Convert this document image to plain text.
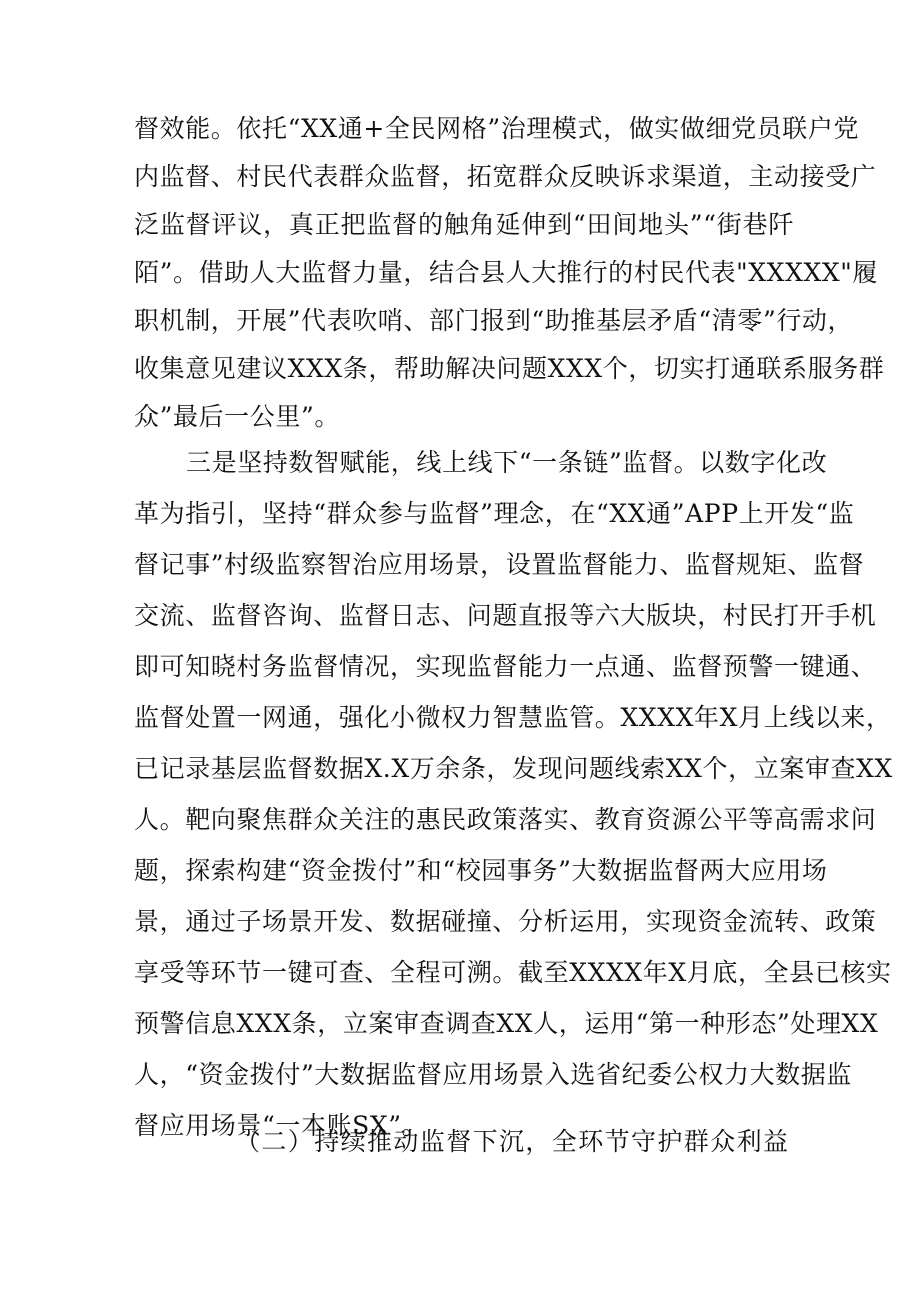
督效能。依托“XX通+全民网格”治理模式，做实做细党员联户党
内监督、村民代表群众监督，拓宽群众反映诉求渠道，主动接受广
泛监督评议，真正把监督的触角延伸到“田间地头”“街巷阡
陌”。借助人大监督力量，结合县人大推行的村民代表"XXXXX"履
职机制，开展”代表吹哨、部门报到“助推基层矛盾“清零”行动，
收集意见建议XXX条，帮助解决问题XXX个，切实打通联系服务群
众”最后一公里”。
三是坚持数智赋能，线上线下“一条链”监督。以数字化改
革为指引，坚持“群众参与监督”理念，在“XX通”APP上开发“监
督记事”村级监察智治应用场景，设置监督能力、监督规矩、监督
交流、监督咨询、监督日志、问题直报等六大版块，村民打开手机
即可知晓村务监督情况，实现监督能力一点通、监督预警一键通、
监督处置一网通，强化小微权力智慧监管。XXXX年X月上线以来，
已记录基层监督数据X.X万余条，发现问题线索XX个，立案审查XX
人。靶向聚焦群众关注的惠民政策落实、教育资源公平等高需求问
题，探索构建“资金拨付”和“校园事务”大数据监督两大应用场
景，通过子场景开发、数据碰撞、分析运用，实现资金流转、政策
享受等环节一键可查、全程可溯。截至XXXX年X月底，全县已核实
预警信息XXX条，立案审查调查XX人，运用“第一种形态”处理XX
人，“资金拨付”大数据监督应用场景入选省纪委公权力大数据监
督应用场景“一本账SX”。
（二）持续推动监督下沉，全环节守护群众利益
